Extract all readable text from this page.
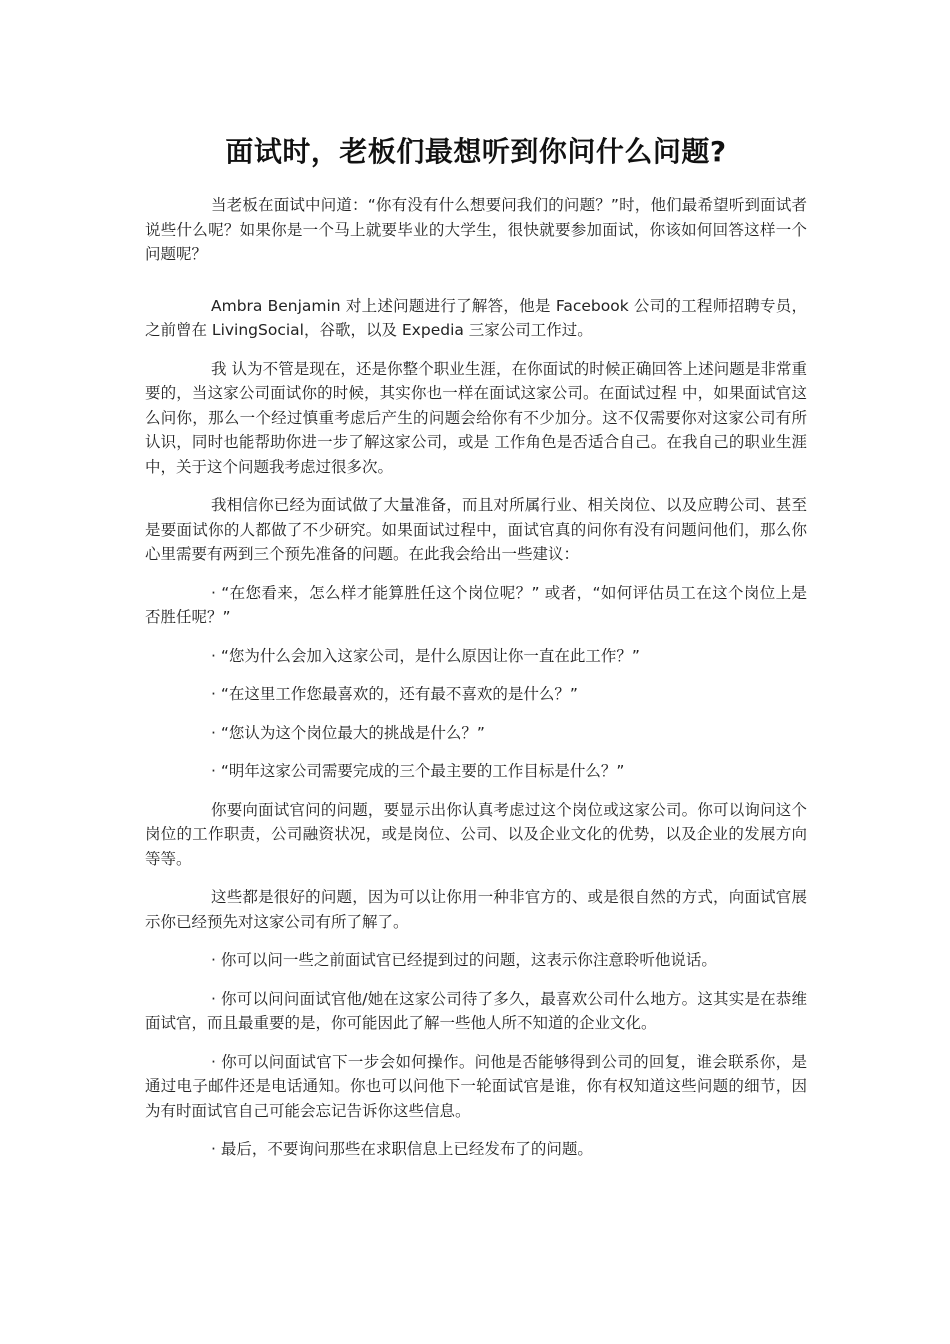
面试时，老板们最想听到你问什么问题?

当老板在面试中问道：“你有没有什么想要问我们的问题？”时，他们最希望听到面试者说些什么呢？如果你是一个马上就要毕业的大学生，很快就要参加面试，你该如何回答这样一个问题呢？

Ambra Benjamin 对上述问题进行了解答，他是 Facebook 公司的工程师招聘专员，之前曾在 LivingSocial，谷歌，以及 Expedia 三家公司工作过。

我 认为不管是现在，还是你整个职业生涯，在你面试的时候正确回答上述问题是非常重要的，当这家公司面试你的时候，其实你也一样在面试这家公司。在面试过程 中，如果面试官这么问你，那么一个经过慎重考虑后产生的问题会给你有不少加分。这不仅需要你对这家公司有所认识，同时也能帮助你进一步了解这家公司，或是 工作角色是否适合自己。在我自己的职业生涯中，关于这个问题我考虑过很多次。

我相信你已经为面试做了大量准备，而且对所属行业、相关岗位、以及应聘公司、甚至是要面试你的人都做了不少研究。如果面试过程中，面试官真的问你有没有问题问他们，那么你心里需要有两到三个预先准备的问题。在此我会给出一些建议：

· “在您看来，怎么样才能算胜任这个岗位呢？” 或者，“如何评估员工在这个岗位上是否胜任呢？”

· “您为什么会加入这家公司，是什么原因让你一直在此工作？”

· “在这里工作您最喜欢的，还有最不喜欢的是什么？”

· “您认为这个岗位最大的挑战是什么？”

· “明年这家公司需要完成的三个最主要的工作目标是什么？”

你要向面试官问的问题，要显示出你认真考虑过这个岗位或这家公司。你可以询问这个岗位的工作职责，公司融资状况，或是岗位、公司、以及企业文化的优势，以及企业的发展方向等等。

这些都是很好的问题，因为可以让你用一种非官方的、或是很自然的方式，向面试官展示你已经预先对这家公司有所了解了。

· 你可以问一些之前面试官已经提到过的问题，这表示你注意聆听他说话。

· 你可以问问面试官他/她在这家公司待了多久，最喜欢公司什么地方。这其实是在恭维面试官，而且最重要的是，你可能因此了解一些他人所不知道的企业文化。

· 你可以问面试官下一步会如何操作。问他是否能够得到公司的回复，谁会联系你，是通过电子邮件还是电话通知。你也可以问他下一轮面试官是谁，你有权知道这些问题的细节，因为有时面试官自己可能会忘记告诉你这些信息。

· 最后，不要询问那些在求职信息上已经发布了的问题。
